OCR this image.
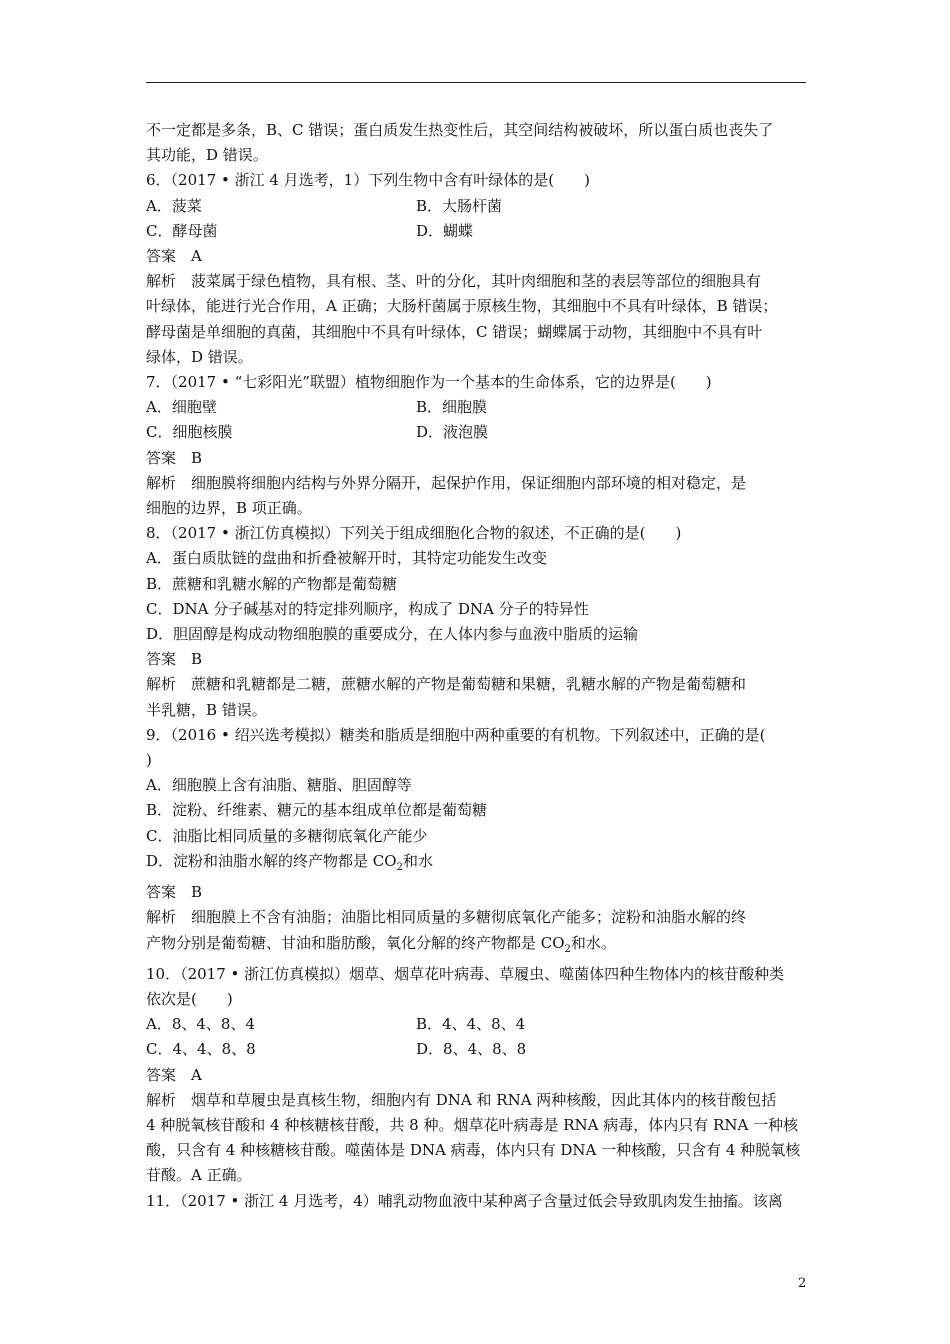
不一定都是多条，B、C 错误；蛋白质发生热变性后，其空间结构被破坏，所以蛋白质也丧失了

其功能，D 错误。

6．（2017 • 浙江 4 月选考，1）下列生物中含有叶绿体的是(　　)

A．菠菜	B．大肠杆菌
C．酵母菌	D．蝴蝶

答案　A

解析　菠菜属于绿色植物，具有根、茎、叶的分化，其叶肉细胞和茎的表层等部位的细胞具有

叶绿体，能进行光合作用，A 正确；大肠杆菌属于原核生物，其细胞中不具有叶绿体，B 错误；

酵母菌是单细胞的真菌，其细胞中不具有叶绿体，C 错误；蝴蝶属于动物，其细胞中不具有叶

绿体，D 错误。

7．（2017 • “七彩阳光”联盟）植物细胞作为一个基本的生命体系，它的边界是(　　)

A．细胞壁	B．细胞膜
C．细胞核膜	D．液泡膜

答案　B

解析　细胞膜将细胞内结构与外界分隔开，起保护作用，保证细胞内部环境的相对稳定，是

细胞的边界，B 项正确。

8．（2017 • 浙江仿真模拟）下列关于组成细胞化合物的叙述，不正确的是(　　)

A．蛋白质肽链的盘曲和折叠被解开时，其特定功能发生改变

B．蔗糖和乳糖水解的产物都是葡萄糖

C．DNA 分子碱基对的特定排列顺序，构成了 DNA 分子的特异性

D．胆固醇是构成动物细胞膜的重要成分，在人体内参与血液中脂质的运输

答案　B

解析　蔗糖和乳糖都是二糖，蔗糖水解的产物是葡萄糖和果糖，乳糖水解的产物是葡萄糖和

半乳糖，B 错误。

9．（2016 • 绍兴选考模拟）糖类和脂质是细胞中两种重要的有机物。下列叙述中，正确的是(

)

A．细胞膜上含有油脂、糖脂、胆固醇等

B．淀粉、纤维素、糖元的基本组成单位都是葡萄糖

C．油脂比相同质量的多糖彻底氧化产能少

D．淀粉和油脂水解的终产物都是 $CO_2$和水

答案　B

解析　细胞膜上不含有油脂；油脂比相同质量的多糖彻底氧化产能多；淀粉和油脂水解的终

产物分别是葡萄糖、甘油和脂肪酸，氧化分解的终产物都是 $CO_2$和水。

10．（2017 • 浙江仿真模拟）烟草、烟草花叶病毒、草履虫、噬菌体四种生物体内的核苷酸种类

依次是(　　)

A．8、4、8、4	B．4、4、8、4
C．4、4、8、8	D．8、4、8、8

答案　A

解析　烟草和草履虫是真核生物，细胞内有 DNA 和 RNA 两种核酸，因此其体内的核苷酸包括

4 种脱氧核苷酸和 4 种核糖核苷酸，共 8 种。烟草花叶病毒是 RNA 病毒，体内只有 RNA 一种核

酸，只含有 4 种核糖核苷酸。噬菌体是 DNA 病毒，体内只有 DNA 一种核酸，只含有 4 种脱氧核

苷酸。A 正确。

11．（2017 • 浙江 4 月选考，4）哺乳动物血液中某种离子含量过低会导致肌肉发生抽搐。该离

2
